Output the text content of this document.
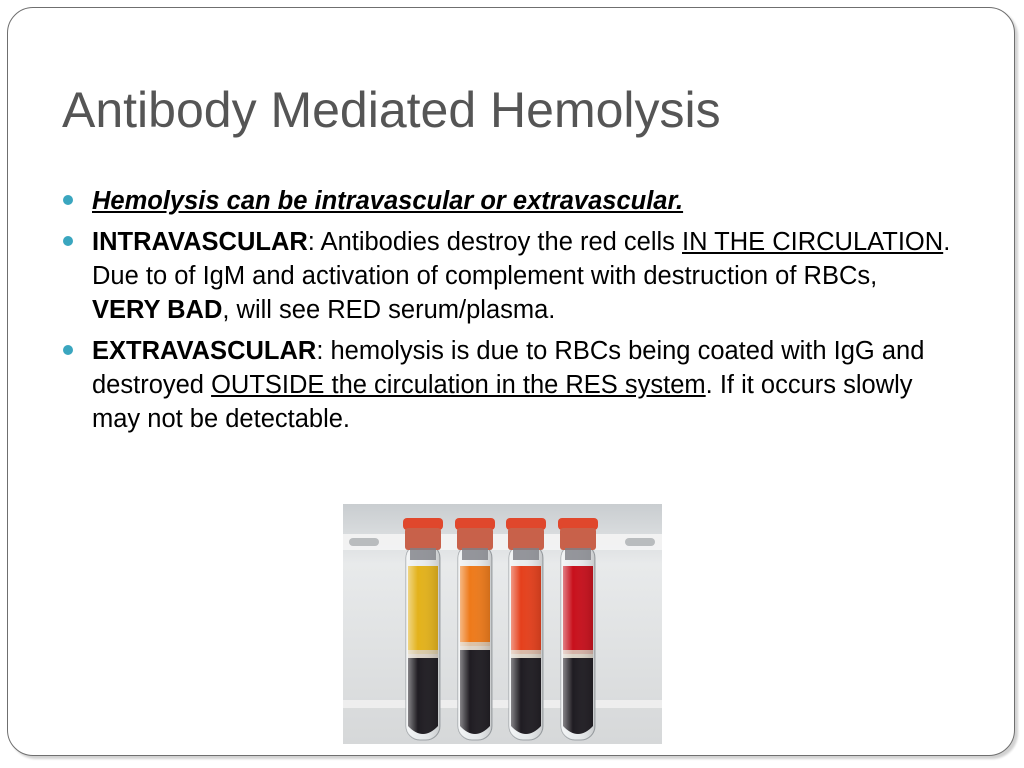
Antibody Mediated Hemolysis
Hemolysis can be intravascular or extravascular.
INTRAVASCULAR: Antibodies destroy the red cells IN THE CIRCULATION. Due to of IgM and activation of complement with destruction of RBCs, VERY BAD, will see RED serum/plasma.
EXTRAVASCULAR: hemolysis is due to RBCs being coated with IgG and destroyed OUTSIDE the circulation in the RES system. If it occurs slowly may not be detectable.
